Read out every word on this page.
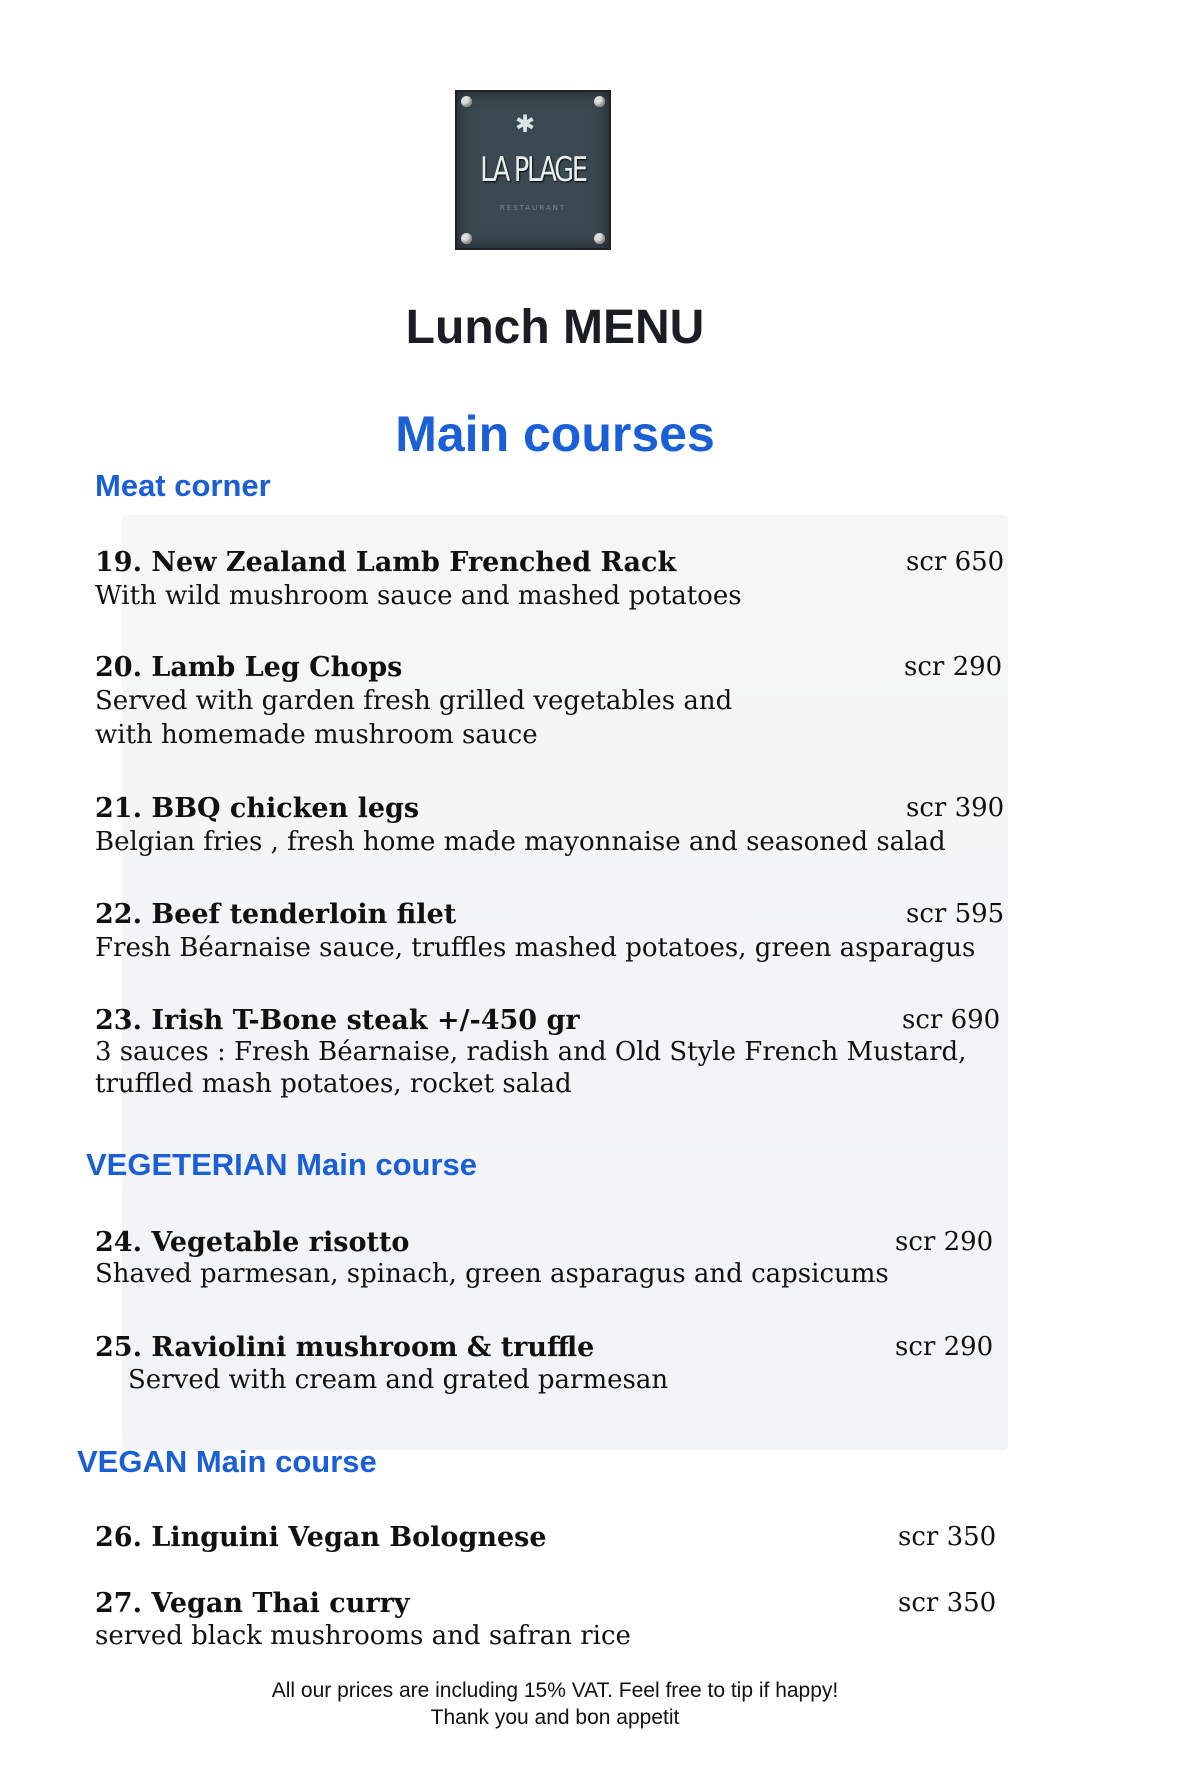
✱
LA PLAGE
RESTAURANT
Lunch MENU
Main courses
Meat corner
19. New Zealand Lamb Frenched Rack	scr 650
With wild mushroom sauce and mashed potatoes
20. Lamb Leg Chops	scr 290
Served with garden fresh grilled vegetables and
with homemade mushroom sauce
21. BBQ chicken legs	scr 390
Belgian fries , fresh home made mayonnaise and seasoned salad
22. Beef tenderloin filet	scr 595
Fresh Béarnaise sauce, truffles mashed potatoes, green asparagus
23. Irish T-Bone steak +/-450 gr	scr 690
3 sauces : Fresh Béarnaise, radish and Old Style French Mustard,
truffled mash potatoes, rocket salad
VEGETERIAN Main course
24. Vegetable risotto	scr 290
Shaved parmesan, spinach, green asparagus and capsicums
25. Raviolini mushroom & truffle	scr 290
Served with cream and grated parmesan
VEGAN Main course
26. Linguini Vegan Bolognese	scr 350
27. Vegan Thai curry	scr 350
served black mushrooms and safran rice
All our prices are including 15% VAT. Feel free to tip if happy!
Thank you and bon appetit
